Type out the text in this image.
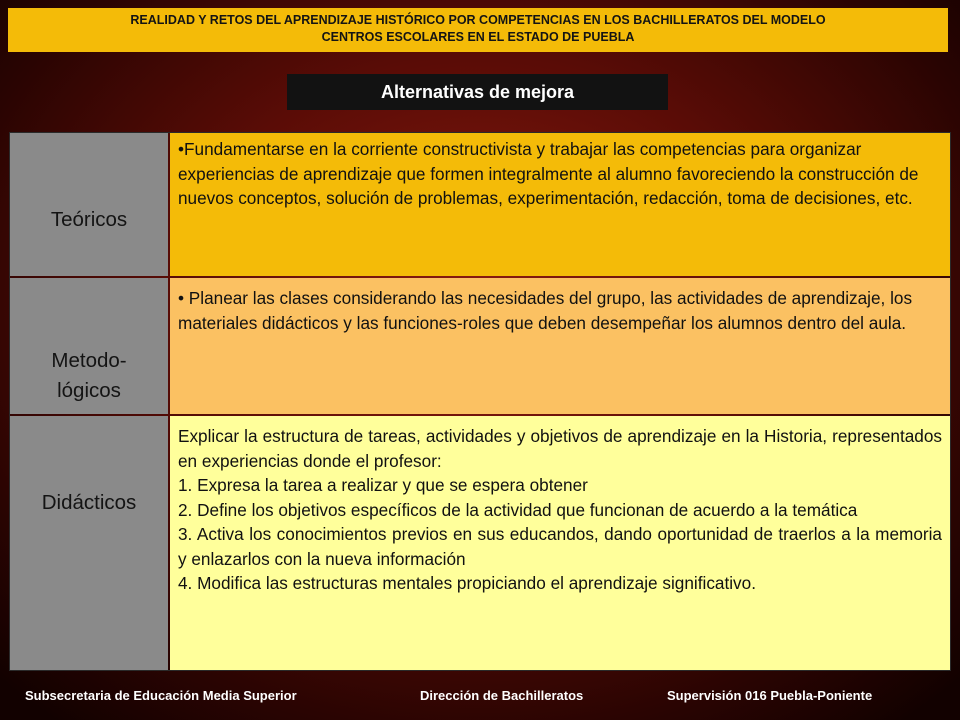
REALIDAD Y RETOS DEL APRENDIZAJE HISTÓRICO POR COMPETENCIAS EN LOS BACHILLERATOS DEL MODELO
CENTROS ESCOLARES EN EL ESTADO DE PUEBLA
Alternativas de mejora
Teóricos
•Fundamentarse en la corriente constructivista y trabajar las competencias para organizar experiencias de aprendizaje que formen integralmente al alumno favoreciendo la construcción de nuevos conceptos, solución de problemas, experimentación, redacción, toma de decisiones, etc.
Metodo-
lógicos
• Planear las clases considerando las necesidades del grupo, las actividades de aprendizaje, los materiales didácticos y las funciones-roles que deben desempeñar los alumnos dentro del aula.
Didácticos
Explicar la estructura de tareas, actividades y objetivos de aprendizaje en la Historia, representados en experiencias donde el profesor:
1. Expresa la tarea a realizar y que se espera obtener
2. Define los objetivos específicos de la actividad que funcionan de acuerdo a la temática
3. Activa los conocimientos previos en sus educandos, dando oportunidad de traerlos a la memoria y enlazarlos con la nueva información
4. Modifica las estructuras mentales propiciando el aprendizaje significativo.
Subsecretaria de Educación Media Superior	Dirección de Bachilleratos	Supervisión 016 Puebla-Poniente
